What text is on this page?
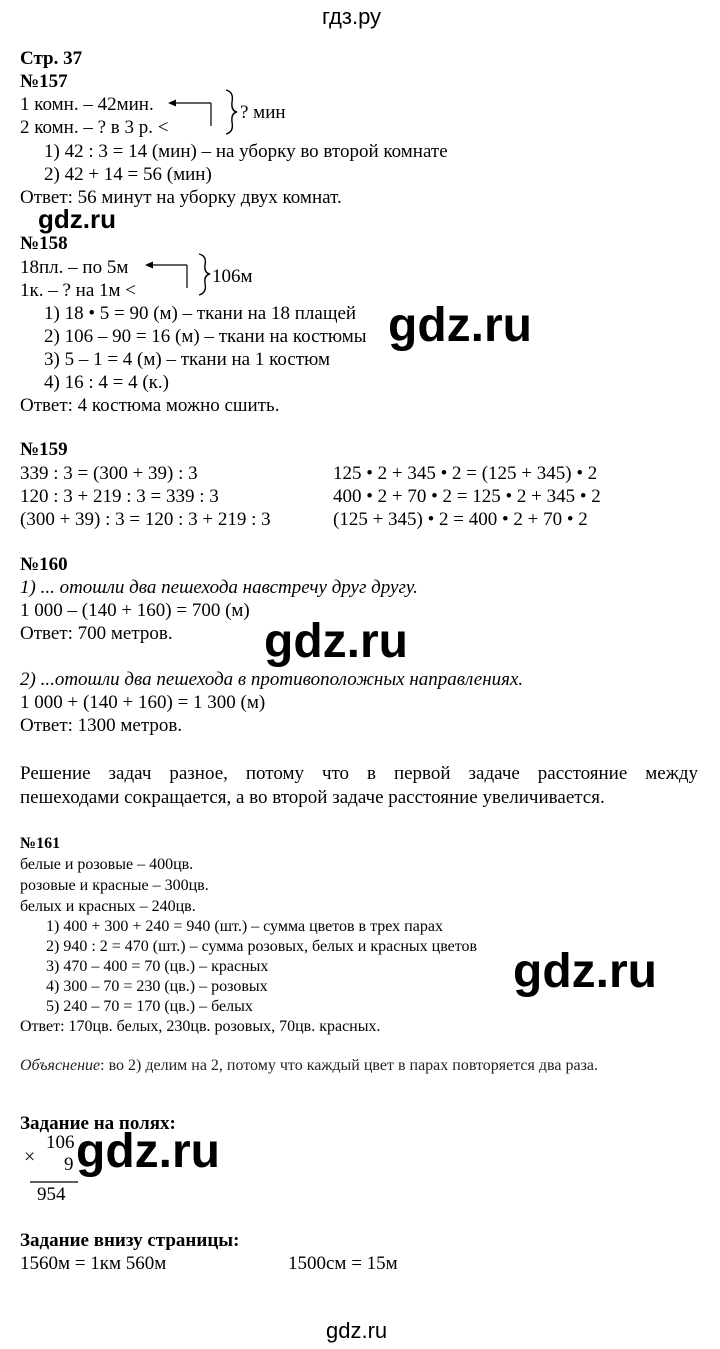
гдз.ру
Стр. 37
№157
1 комн. – 42мин.
2 комн. – ? в 3 р. <
? мин
1) 42 : 3 = 14 (мин) – на уборку во второй комнате
2) 42 + 14 = 56 (мин)
Ответ: 56 минут на уборку двух комнат.
gdz.ru
№158
18пл. – по 5м
1к. – ? на 1м <
106м
1) 18 • 5 = 90 (м) – ткани на 18 плащей
2) 106 – 90 = 16 (м) – ткани на костюмы
3) 5 – 1 = 4 (м) – ткани на 1 костюм
4) 16 : 4 = 4 (к.)
Ответ: 4 костюма можно сшить.
gdz.ru
№159
339 : 3 = (300 + 39) : 3
120 : 3 + 219 : 3 = 339 : 3
(300 + 39) : 3 = 120 : 3 + 219 : 3
125 • 2 + 345 • 2 = (125 + 345) • 2
400 • 2 + 70 • 2 = 125 • 2 + 345 • 2
(125 + 345) • 2 = 400 • 2 + 70 • 2
№160
1) ... отошли два пешехода навстречу друг другу.
1 000 – (140 + 160) = 700 (м)
Ответ: 700 метров. gdz.ru
2) ...отошли два пешехода в противоположных направлениях.
1 000 + (140 + 160) = 1 300 (м)
Ответ: 1300 метров.
Решение задач разное, потому что в первой задаче расстояние между
пешеходами сокращается, а во второй задаче расстояние увеличивается.
№161
белые и розовые – 400цв.
розовые и красные – 300цв.
белых и красных – 240цв.
1) 400 + 300 + 240 = 940 (шт.) – сумма цветов в трех парах
2) 940 : 2 = 470 (шт.) – сумма розовых, белых и красных цветов
3) 470 – 400 = 70 (цв.) – красных
4) 300 – 70 = 230 (цв.) – розовых
5) 240 – 70 = 170 (цв.) – белых
Ответ: 170цв. белых, 230цв. розовых, 70цв. красных.
gdz.ru
Объяснение: во 2) делим на 2, потому что каждый цвет в парах повторяется два раза.
Задание на полях:
×
106
9
954
gdz.ru
Задание внизу страницы:
1560м = 1км 560м	1500см = 15м
gdz.ru
